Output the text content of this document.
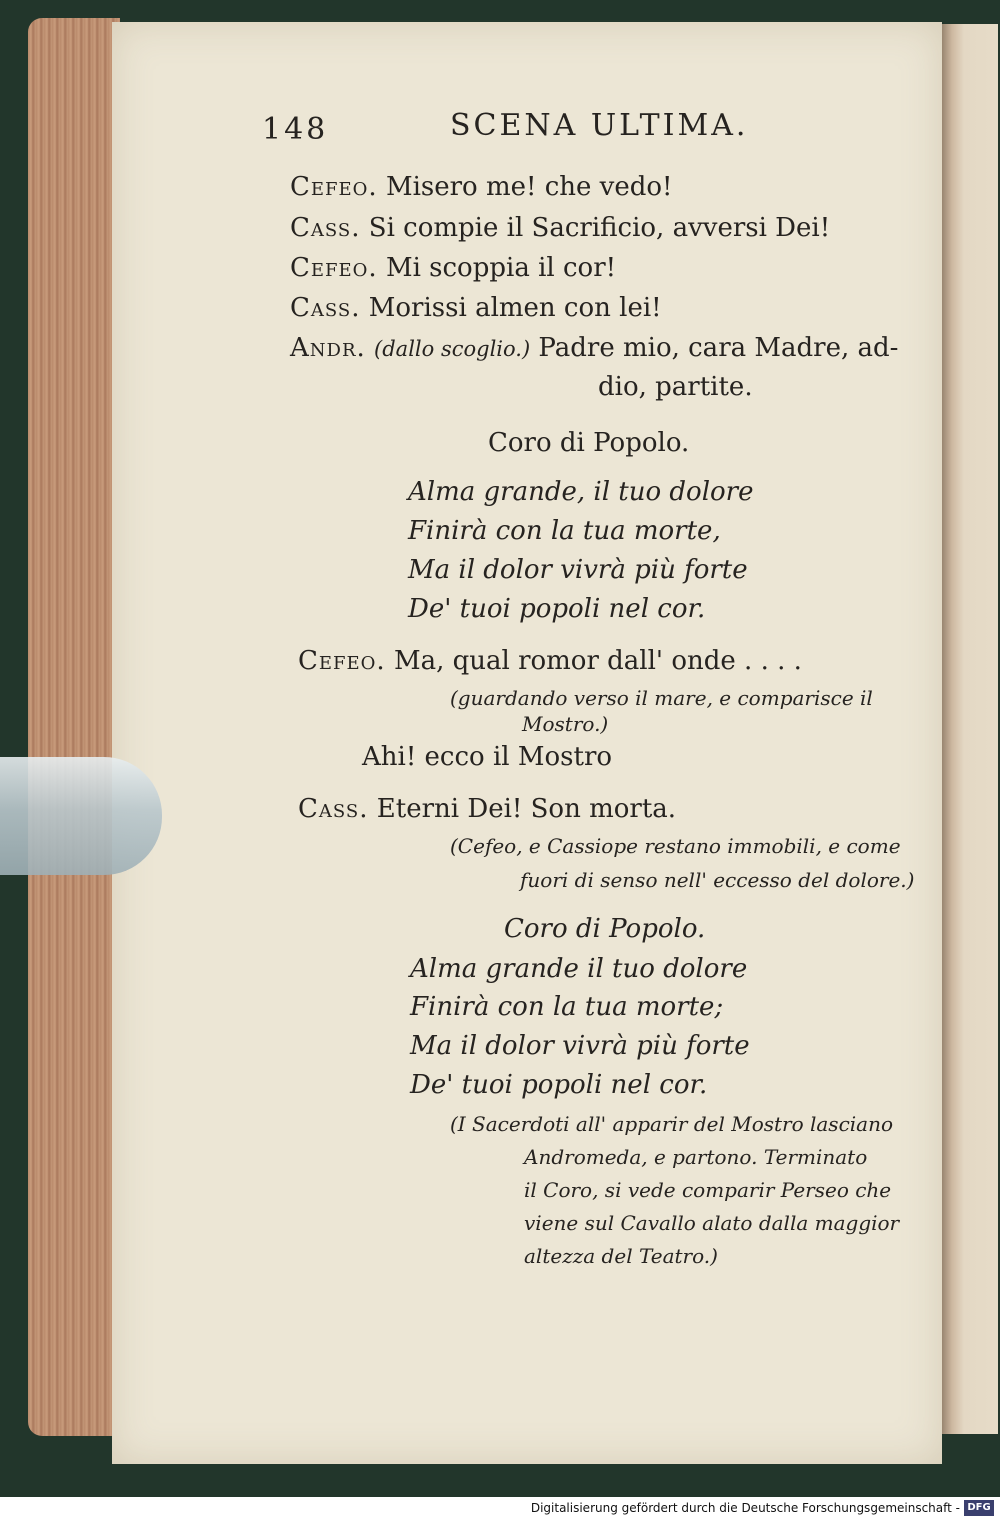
148	SCENA ULTIMA.
Cefeo. Misero me! che vedo!
Cass. Si compie il Sacrificio, avversi Dei!
Cefeo. Mi scoppia il cor!
Cass. Morissi almen con lei!
Andr. (dallo scoglio.) Padre mio, cara Madre, ad-
dio, partite.
Coro di Popolo.
Alma grande, il tuo dolore
Finirà con la tua morte,
Ma il dolor vivrà più forte
De' tuoi popoli nel cor.
Cefeo. Ma, qual romor dall' onde . . . .
(guardando verso il mare, e comparisce il
Mostro.)
Ahi! ecco il Mostro
Cass. Eterni Dei! Son morta.
(Cefeo, e Cassiope restano immobili, e come
fuori di senso nell' eccesso del dolore.)
Coro di Popolo.
Alma grande il tuo dolore
Finirà con la tua morte;
Ma il dolor vivrà più forte
De' tuoi popoli nel cor.
(I Sacerdoti all' apparir del Mostro lasciano
Andromeda, e partono. Terminato
il Coro, si vede comparir Perseo che
viene sul Cavallo alato dalla maggior
altezza del Teatro.)
Digitalisierung gefördert durch die Deutsche Forschungsgemeinschaft - DFG
